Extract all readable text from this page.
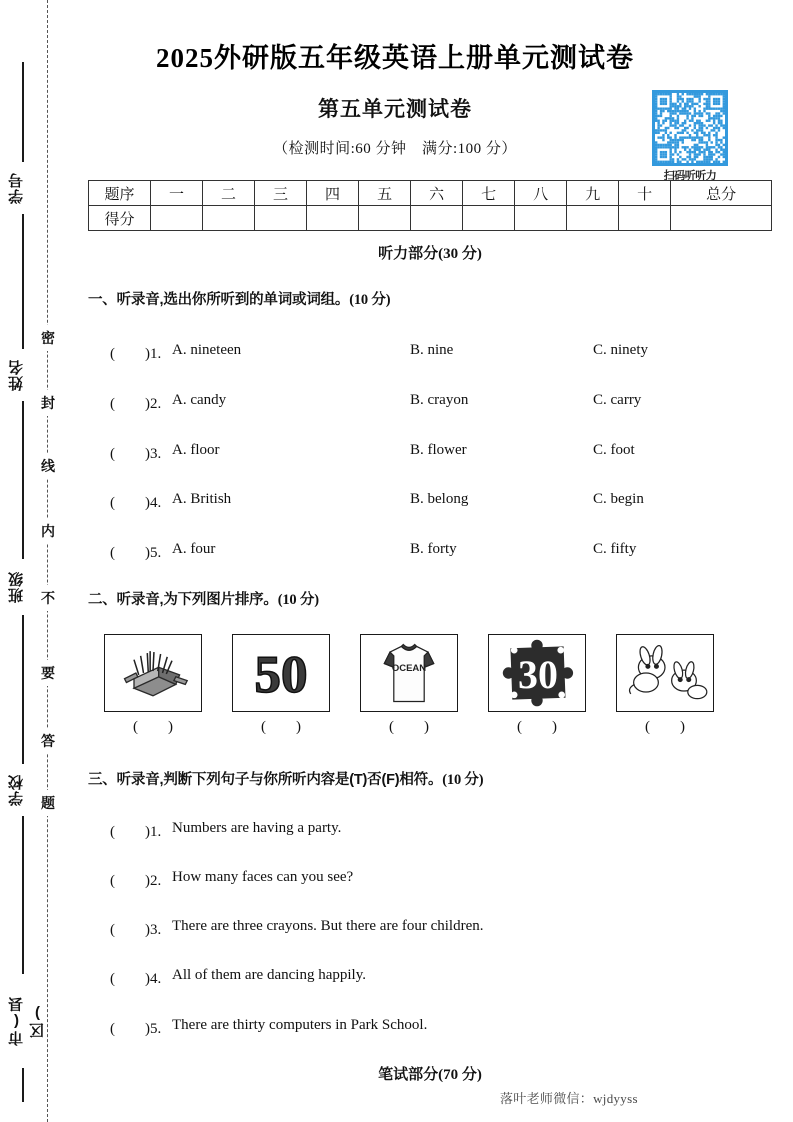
学号
姓名
班级
学校
市(县 区)
密
封
线
内
不
要
答
题
2025外研版五年级英语上册单元测试卷
第五单元测试卷
（检测时间:60 分钟　满分:100 分）
扫码听听力
题序	一	二	三	四	五	六	七	八	九	十	总分
得分											
听力部分(30 分)
一、听录音,选出你所听到的单词或词组。(10 分)
(　　)1. A. nineteen	B. nine	C. ninety
(　　)2. A. candy	B. crayon	C. carry
(　　)3. A. floor	B. flower	C. foot
(　　)4. A. British	B. belong	C. begin
(　　)5. A. four	B. forty	C. fifty
二、听录音,为下列图片排序。(10 分)
(　　)
50
(　　)
OCEAN
(　　)
30
(　　)	(　　)
三、听录音,判断下列句子与你所听内容是(T)否(F)相符。(10 分)
(　　)1. Numbers are having a party.
(　　)2. How many faces can you see?
(　　)3. There are three crayons. But there are four children.
(　　)4. All of them are dancing happily.
(　　)5. There are thirty computers in Park School.
笔试部分(70 分)
落叶老师微信：wjdyyss
